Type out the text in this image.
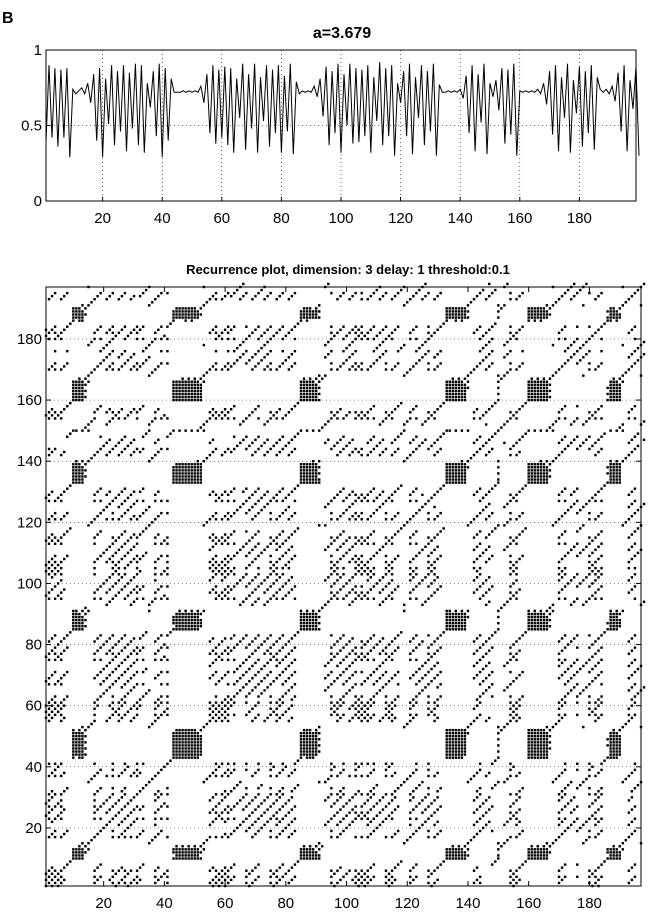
B
a=3.679
20	40	60	80	100 120 140 160 180
0
0.5
1
Recurrence plot, dimension: 3 delay: 1 threshold:0.1
20	40	60	80	100 120 140 160 180
20
40
60
80
100
120
140
160
180
